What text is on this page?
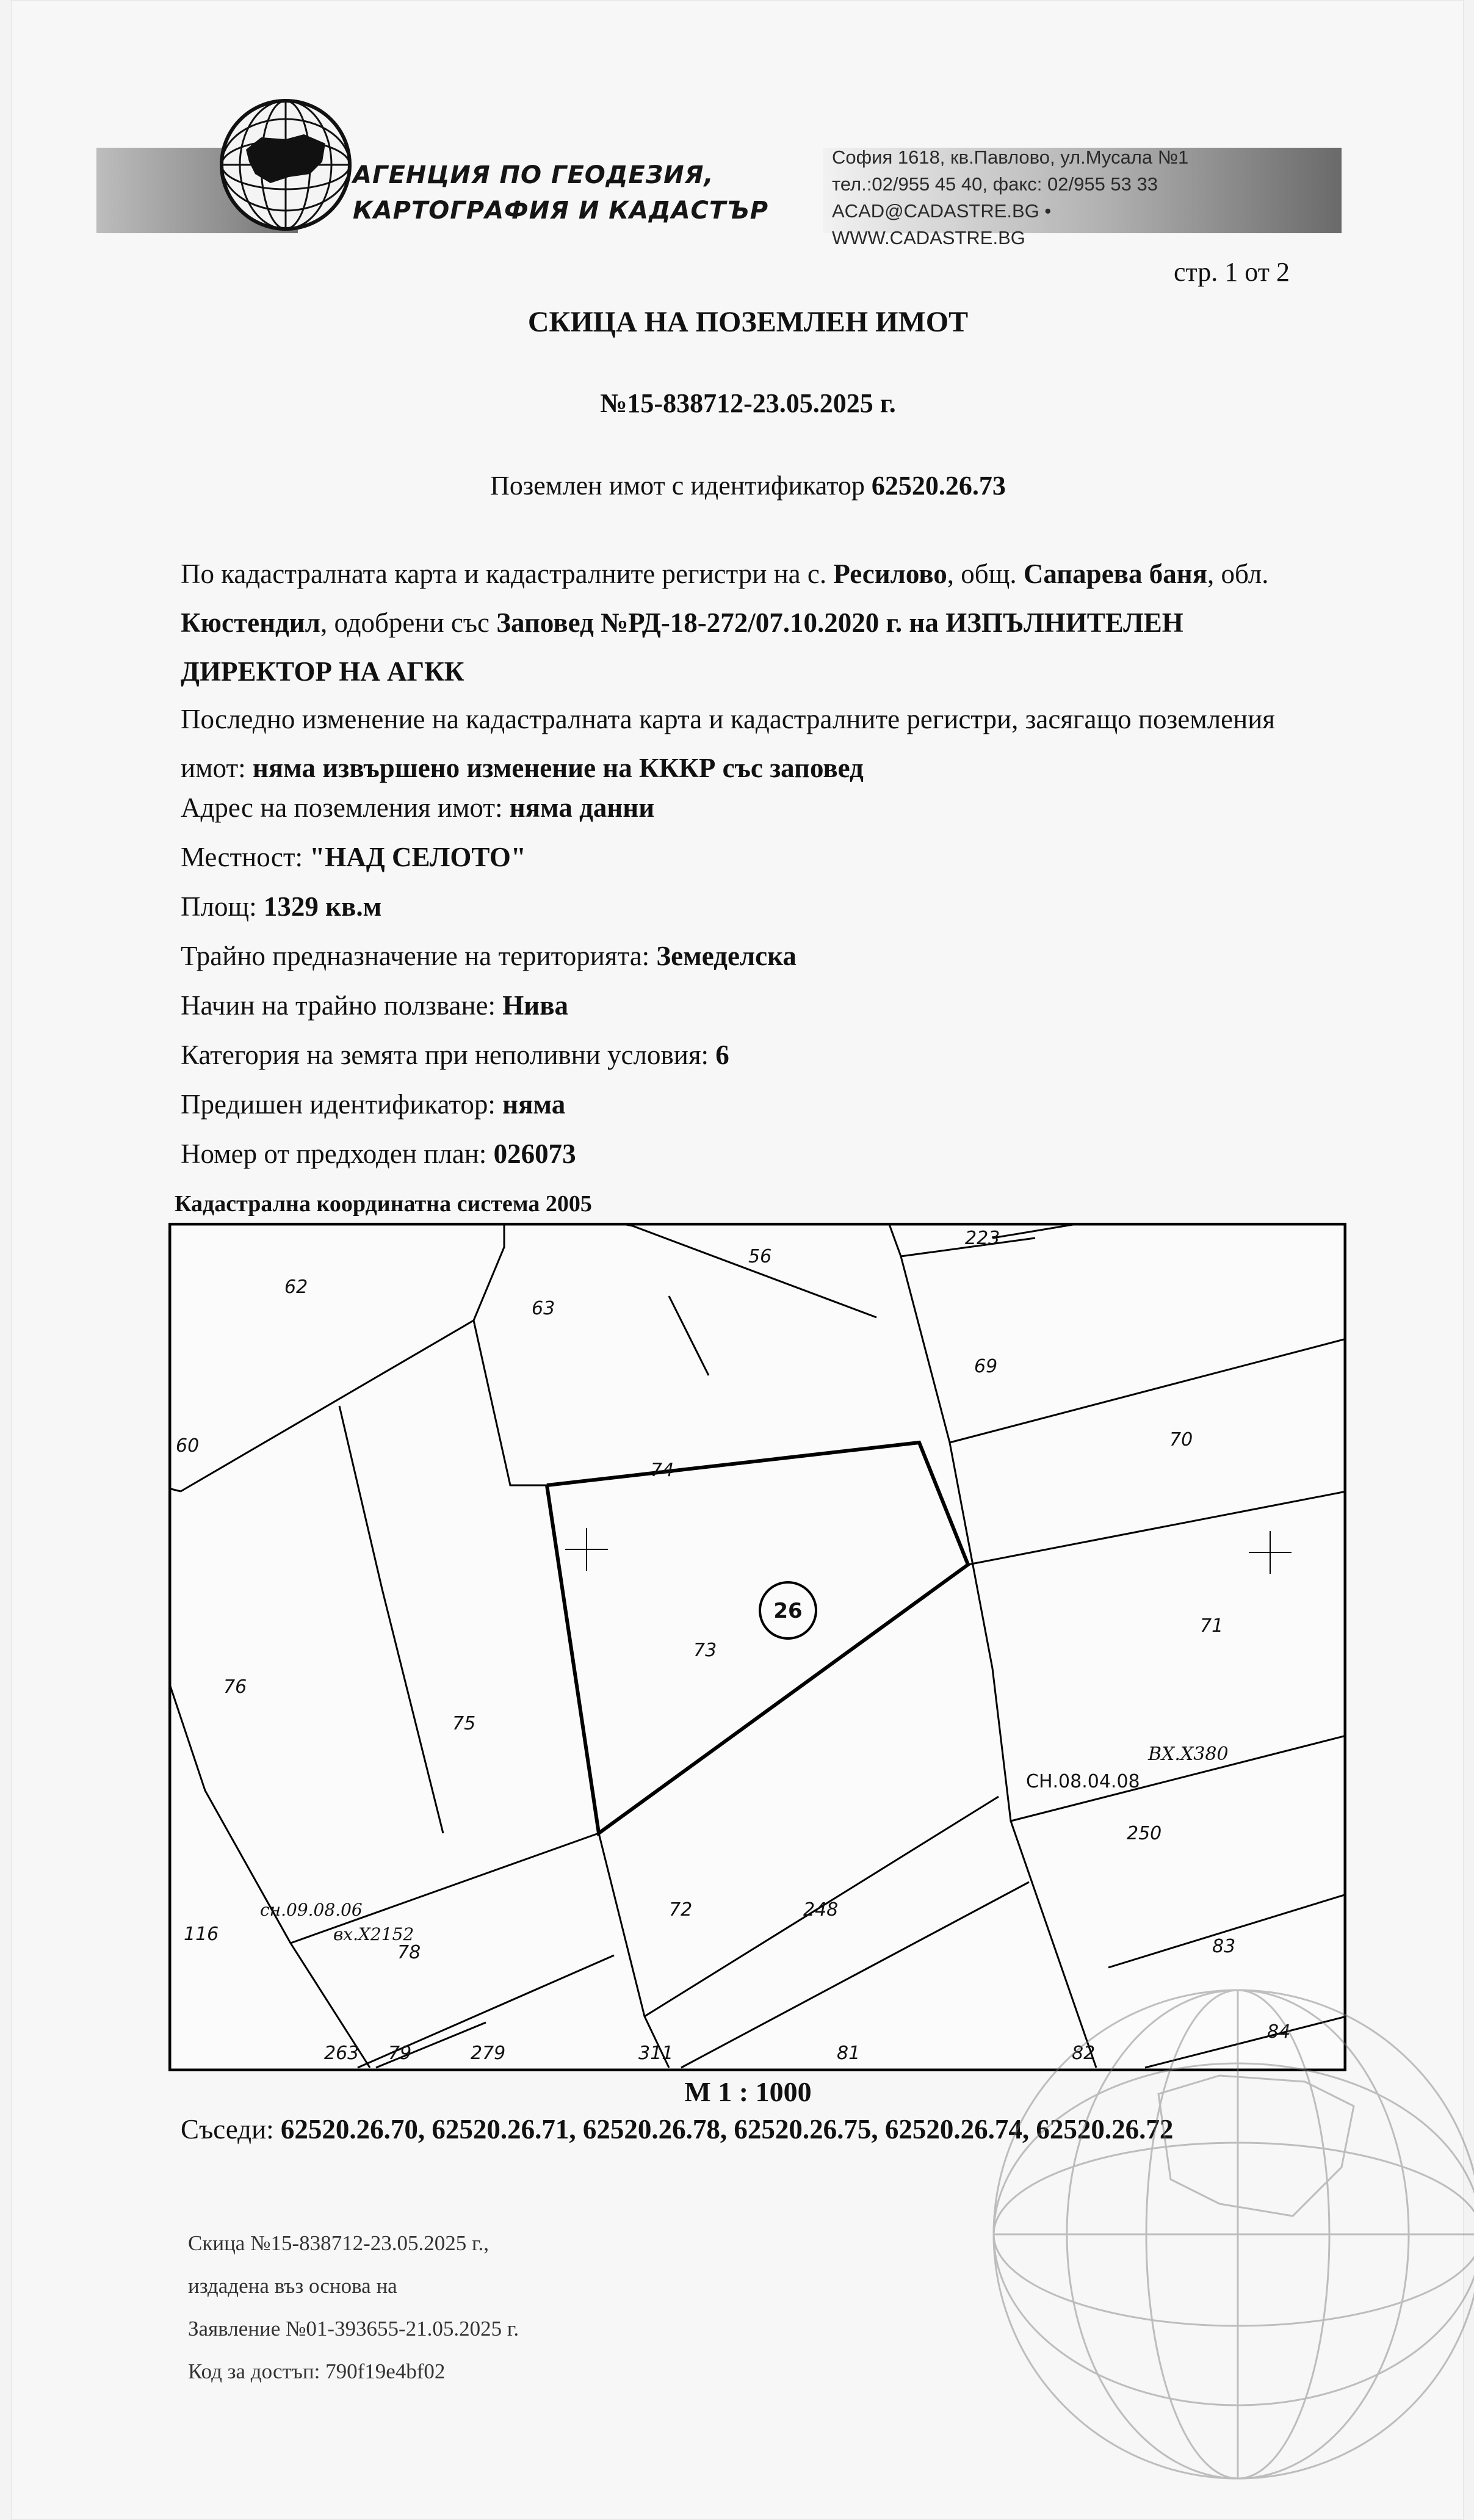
АГЕНЦИЯ ПО ГЕОДЕЗИЯ,
КАРТОГРАФИЯ И КАДАСТЪР
София 1618, кв.Павлово, ул.Мусала №1
тел.:02/955 45 40, факс: 02/955 53 33
ACAD@CADASTRE.BG • WWW.CADASTRE.BG
стр. 1 от 2
СКИЦА НА ПОЗЕМЛЕН ИМОТ
№15-838712-23.05.2025 г.
Поземлен имот с идентификатор 62520.26.73
По кадастралната карта и кадастралните регистри на с. Ресилово, общ. Сапарева баня, обл. Кюстендил, одобрени със Заповед №РД-18-272/07.10.2020 г. на ИЗПЪЛНИТЕЛЕН ДИРЕКТОР НА АГКК
Последно изменение на кадастралната карта и кадастралните регистри, засягащо поземления имот: няма извършено изменение на КККР със заповед
Адрес на поземления имот: няма данни
Местност: "НАД СЕЛОТО"
Площ: 1329 кв.м
Трайно предназначение на територията: Земеделска
Начин на трайно ползване: Нива
Категория на земята при неполивни условия: 6
Предишен идентификатор: няма
Номер от предходен план: 026073
Кадастрална координатна система 2005
26
62
63
56
223
69
60
74
70
73
71
76
75
250
116
78
72	248
83
84
263 79	279	311	81	82
сн.09.08.06
вх.Х2152
СН.08.04.08
ВХ.Х380
М 1 : 1000
Съседи: 62520.26.70, 62520.26.71, 62520.26.78, 62520.26.75, 62520.26.74, 62520.26.72
Скица №15-838712-23.05.2025 г.,
издадена въз основа на
Заявление №01-393655-21.05.2025 г.
Код за достъп: 790f19e4bf02
